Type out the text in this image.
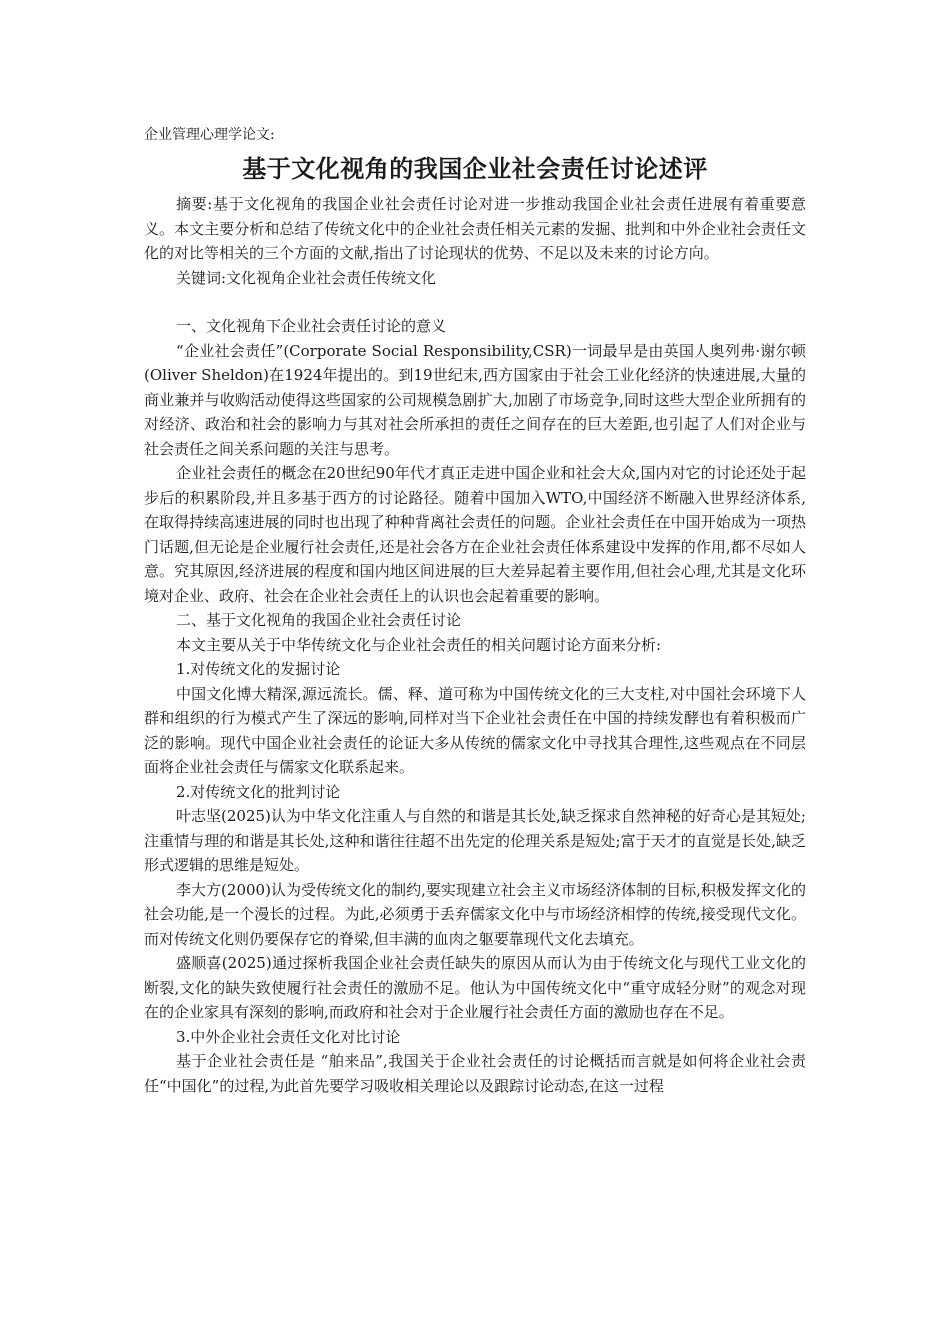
企业管理心理学论文:

基于文化视角的我国企业社会责任讨论述评

摘要:基于文化视角的我国企业社会责任讨论对进一步推动我国企业社会责任进展有着重要意义。本文主要分析和总结了传统文化中的企业社会责任相关元素的发掘、批判和中外企业社会责任文化的对比等相关的三个方面的文献,指出了讨论现状的优势、不足以及未来的讨论方向。

关键词:文化视角企业社会责任传统文化

一、文化视角下企业社会责任讨论的意义

“企业社会责任”(Corporate Social Responsibility,CSR)一词最早是由英国人奥列弗·谢尔顿(Oliver Sheldon)在1924年提出的。到19世纪末,西方国家由于社会工业化经济的快速进展,大量的商业兼并与收购活动使得这些国家的公司规模急剧扩大,加剧了市场竞争,同时这些大型企业所拥有的对经济、政治和社会的影响力与其对社会所承担的责任之间存在的巨大差距,也引起了人们对企业与社会责任之间关系问题的关注与思考。

企业社会责任的概念在20世纪90年代才真正走进中国企业和社会大众,国内对它的讨论还处于起步后的积累阶段,并且多基于西方的讨论路径。随着中国加入WTO,中国经济不断融入世界经济体系,在取得持续高速进展的同时也出现了种种背离社会责任的问题。企业社会责任在中国开始成为一项热门话题,但无论是企业履行社会责任,还是社会各方在企业社会责任体系建设中发挥的作用,都不尽如人意。究其原因,经济进展的程度和国内地区间进展的巨大差异起着主要作用,但社会心理,尤其是文化环境对企业、政府、社会在企业社会责任上的认识也会起着重要的影响。

二、基于文化视角的我国企业社会责任讨论

本文主要从关于中华传统文化与企业社会责任的相关问题讨论方面来分析:

1.对传统文化的发掘讨论

中国文化博大精深,源远流长。儒、释、道可称为中国传统文化的三大支柱,对中国社会环境下人群和组织的行为模式产生了深远的影响,同样对当下企业社会责任在中国的持续发酵也有着积极而广泛的影响。现代中国企业社会责任的论证大多从传统的儒家文化中寻找其合理性,这些观点在不同层面将企业社会责任与儒家文化联系起来。

2.对传统文化的批判讨论

叶志坚(2025)认为中华文化注重人与自然的和谐是其长处,缺乏探求自然神秘的好奇心是其短处;注重情与理的和谐是其长处,这种和谐往往超不出先定的伦理关系是短处;富于天才的直觉是长处,缺乏形式逻辑的思维是短处。

李大方(2000)认为受传统文化的制约,要实现建立社会主义市场经济体制的目标,积极发挥文化的社会功能,是一个漫长的过程。为此,必须勇于丢弃儒家文化中与市场经济相悖的传统,接受现代文化。而对传统文化则仍要保存它的脊梁,但丰满的血肉之躯要靠现代文化去填充。

盛顺喜(2025)通过探析我国企业社会责任缺失的原因从而认为由于传统文化与现代工业文化的断裂,文化的缺失致使履行社会责任的激励不足。他认为中国传统文化中“重守成轻分财”的观念对现在的企业家具有深刻的影响,而政府和社会对于企业履行社会责任方面的激励也存在不足。

3.中外企业社会责任文化对比讨论

基于企业社会责任是 “舶来品”,我国关于企业社会责任的讨论概括而言就是如何将企业社会责任“中国化”的过程,为此首先要学习吸收相关理论以及跟踪讨论动态,在这一过程
